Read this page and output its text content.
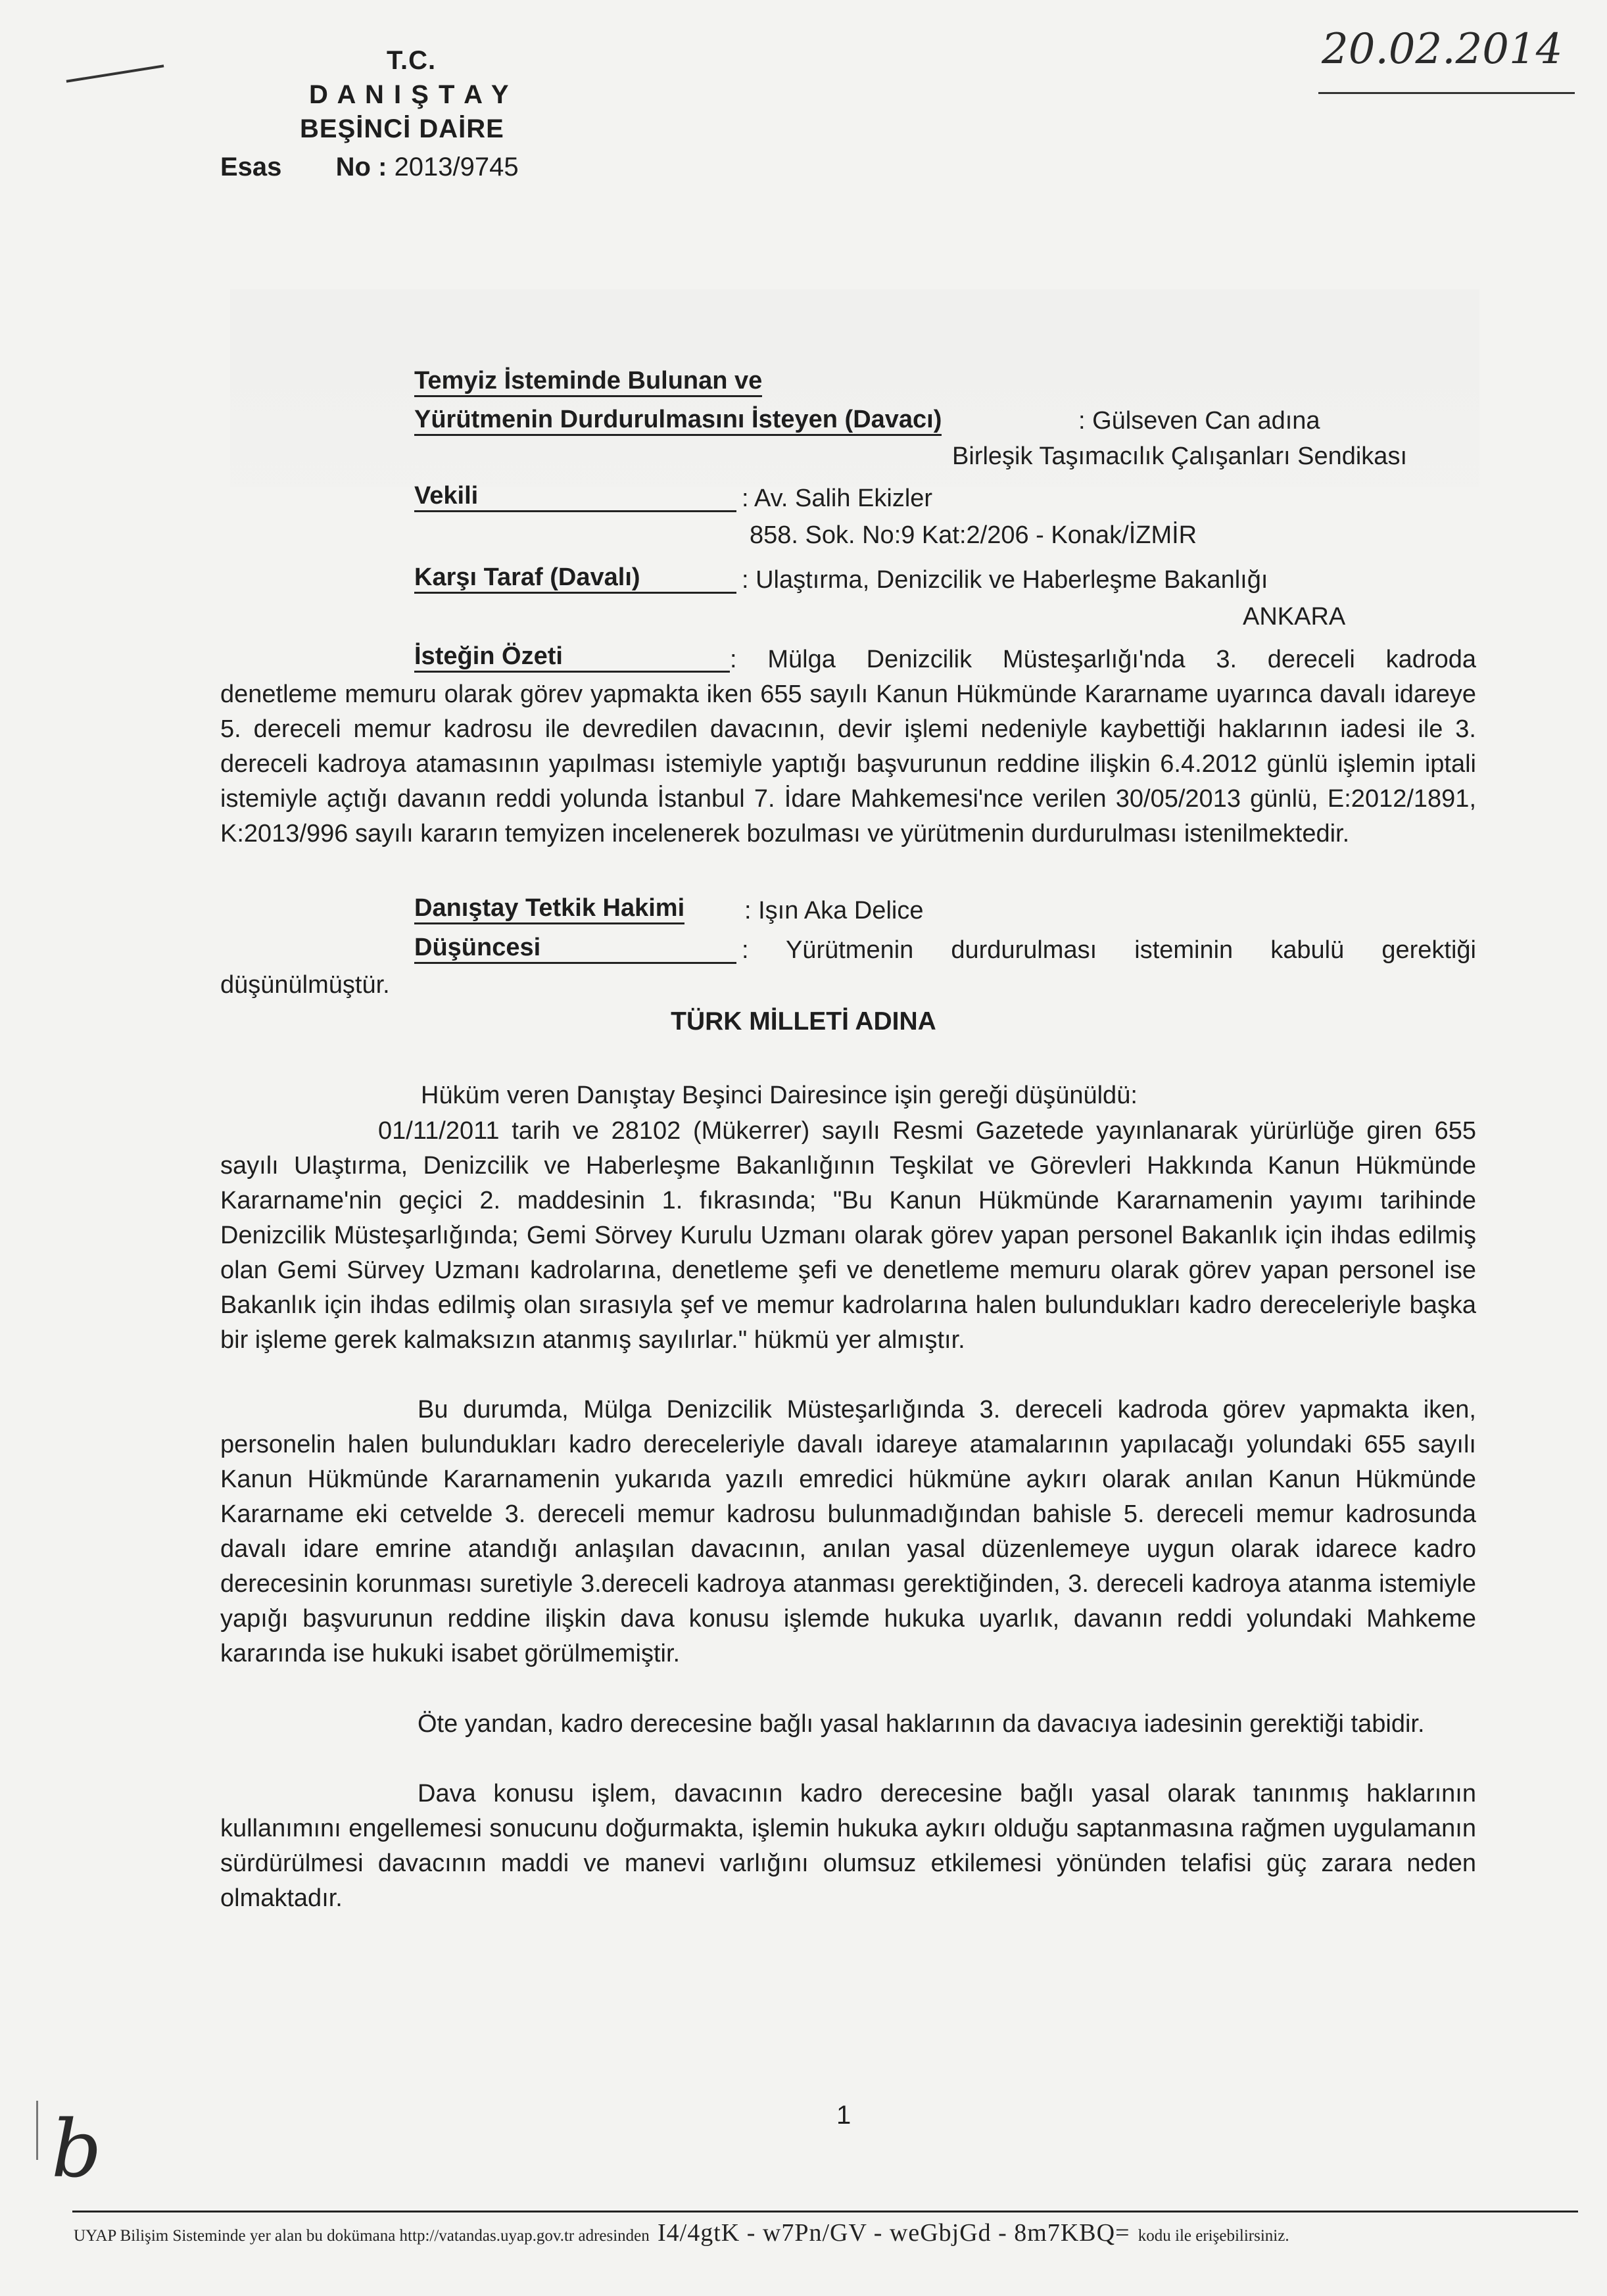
20.02.2014
b
T.C.
D A N I Ş T A Y
BEŞİNCİ DAİRE
Esas No : 2013/9745
Temyiz İsteminde Bulunan ve
Yürütmenin Durdurulmasını İsteyen (Davacı)	: Gülseven Can adına
Birleşik Taşımacılık Çalışanları Sendikası
Vekili	: Av. Salih Ekizler
858. Sok. No:9 Kat:2/206 - Konak/İZMİR
Karşı Taraf (Davalı)	: Ulaştırma, Denizcilik ve Haberleşme Bakanlığı
ANKARA
İsteğin Özeti	: Mülga Denizcilik Müsteşarlığı'nda 3. dereceli kadroda
denetleme memuru olarak görev yapmakta iken 655 sayılı Kanun Hükmünde Kararname uyarınca davalı idareye 5. dereceli memur kadrosu ile devredilen davacının, devir işlemi nedeniyle kaybettiği haklarının iadesi ile 3. dereceli kadroya atamasının yapılması istemiyle yaptığı başvurunun reddine ilişkin 6.4.2012 günlü işlemin iptali istemiyle açtığı davanın reddi yolunda İstanbul 7. İdare Mahkemesi'nce verilen 30/05/2013 günlü, E:2012/1891, K:2013/996 sayılı kararın temyizen incelenerek bozulması ve yürütmenin durdurulması istenilmektedir.
Danıştay Tetkik Hakimi : Işın Aka Delice
Düşüncesi	: Yürütmenin durdurulması isteminin kabulü gerektiği
düşünülmüştür.
TÜRK MİLLETİ ADINA
Hüküm veren Danıştay Beşinci Dairesince işin gereği düşünüldü:
01/11/2011 tarih ve 28102 (Mükerrer) sayılı Resmi Gazetede yayınlanarak yürürlüğe giren 655 sayılı Ulaştırma, Denizcilik ve Haberleşme Bakanlığının Teşkilat ve Görevleri Hakkında Kanun Hükmünde Kararname'nin geçici 2. maddesinin 1. fıkrasında; "Bu Kanun Hükmünde Kararnamenin yayımı tarihinde Denizcilik Müsteşarlığında; Gemi Sörvey Kurulu Uzmanı olarak görev yapan personel Bakanlık için ihdas edilmiş olan Gemi Sürvey Uzmanı kadrolarına, denetleme şefi ve denetleme memuru olarak görev yapan personel ise Bakanlık için ihdas edilmiş olan sırasıyla şef ve memur kadrolarına halen bulundukları kadro dereceleriyle başka bir işleme gerek kalmaksızın atanmış sayılırlar." hükmü yer almıştır.
Bu durumda, Mülga Denizcilik Müsteşarlığında 3. dereceli kadroda görev yapmakta iken, personelin halen bulundukları kadro dereceleriyle davalı idareye atamalarının yapılacağı yolundaki 655 sayılı Kanun Hükmünde Kararnamenin yukarıda yazılı emredici hükmüne aykırı olarak anılan Kanun Hükmünde Kararname eki cetvelde 3. dereceli memur kadrosu bulunmadığından bahisle 5. dereceli memur kadrosunda davalı idare emrine atandığı anlaşılan davacının, anılan yasal düzenlemeye uygun olarak idarece kadro derecesinin korunması suretiyle 3.dereceli kadroya atanması gerektiğinden, 3. dereceli kadroya atanma istemiyle yapığı başvurunun reddine ilişkin dava konusu işlemde hukuka uyarlık, davanın reddi yolundaki Mahkeme kararında ise hukuki isabet görülmemiştir.
Öte yandan, kadro derecesine bağlı yasal haklarının da davacıya iadesinin gerektiği tabidir.
Dava konusu işlem, davacının kadro derecesine bağlı yasal olarak tanınmış haklarının kullanımını engellemesi sonucunu doğurmakta, işlemin hukuka aykırı olduğu saptanmasına rağmen uygulamanın sürdürülmesi davacının maddi ve manevi varlığını olumsuz etkilemesi yönünden telafisi güç zarara neden olmaktadır.
1
UYAP Bilişim Sisteminde yer alan bu dokümana http://vatandas.uyap.gov.tr adresinden I4/4gtK - w7Pn/GV - weGbjGd - 8m7KBQ= kodu ile erişebilirsiniz.
